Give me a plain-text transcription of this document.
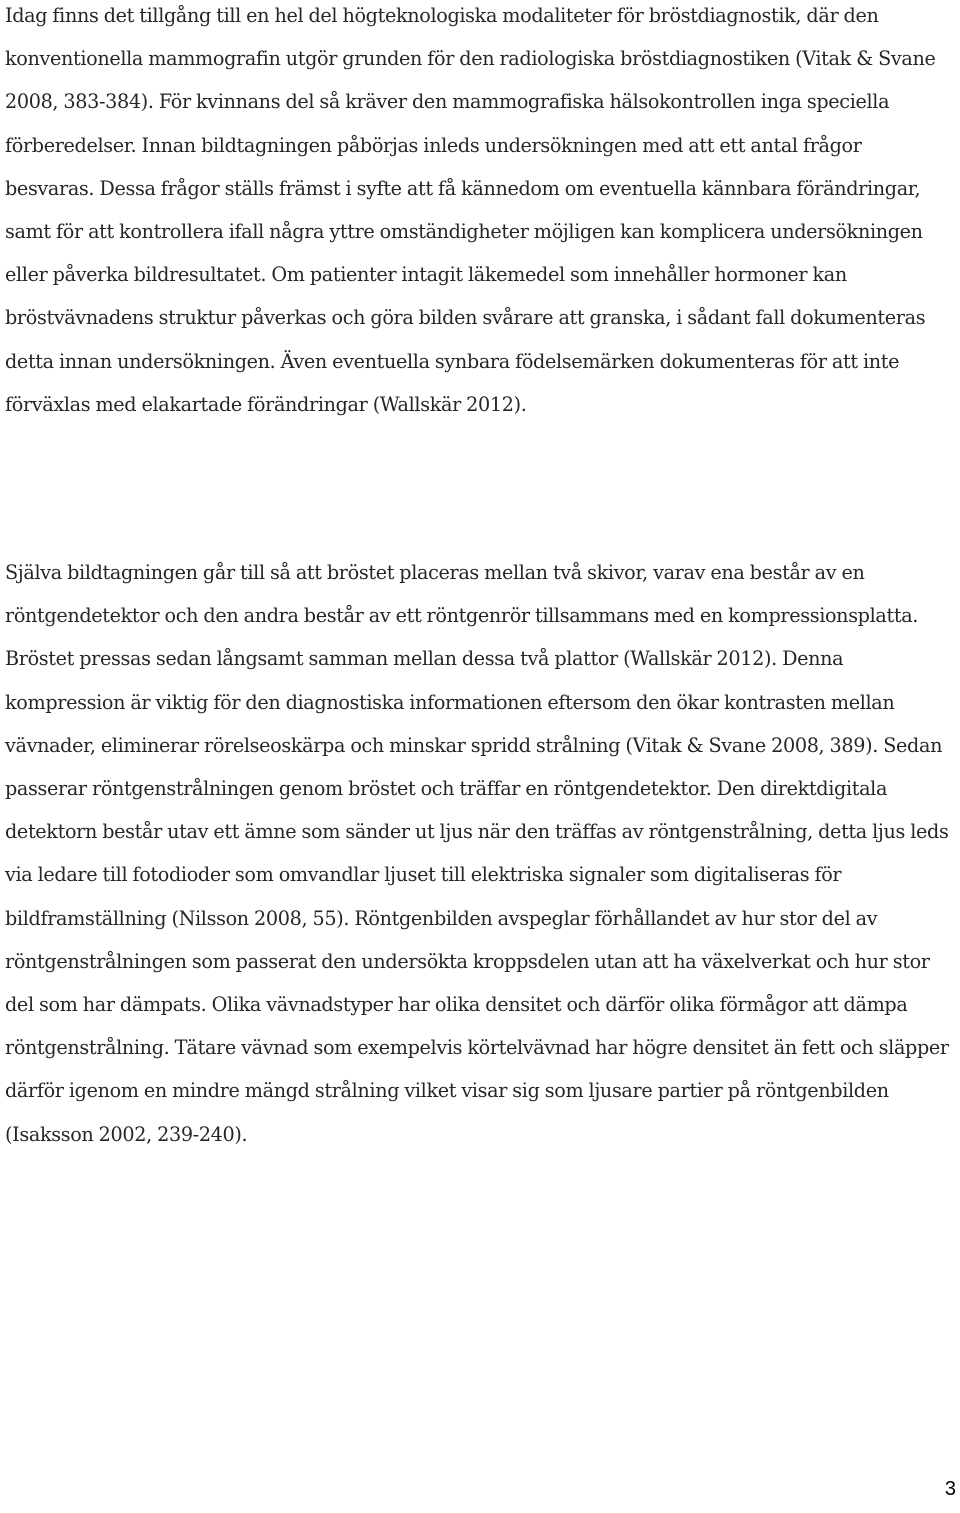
Idag finns det tillgång till en hel del högteknologiska modaliteter för bröstdiagnostik, där den konventionella mammografin utgör grunden för den radiologiska bröstdiagnostiken (Vitak & Svane 2008, 383-384). För kvinnans del så kräver den mammografiska hälsokontrollen inga speciella förberedelser. Innan bildtagningen påbörjas inleds undersökningen med att ett antal frågor besvaras. Dessa frågor ställs främst i syfte att få kännedom om eventuella kännbara förändringar, samt för att kontrollera ifall några yttre omständigheter möjligen kan komplicera undersökningen eller påverka bildresultatet. Om patienter intagit läkemedel som innehåller hormoner kan bröstvävnadens struktur påverkas och göra bilden svårare att granska, i sådant fall dokumenteras detta innan undersökningen. Även eventuella synbara födelsemärken dokumenteras för att inte förväxlas med elakartade förändringar (Wallskär 2012).

Själva bildtagningen går till så att bröstet placeras mellan två skivor, varav ena består av en röntgendetektor och den andra består av ett röntgenrör tillsammans med en kompressionsplatta. Bröstet pressas sedan långsamt samman mellan dessa två plattor (Wallskär 2012). Denna kompression är viktig för den diagnostiska informationen eftersom den ökar kontrasten mellan vävnader, eliminerar rörelseoskärpa och minskar spridd strålning (Vitak & Svane 2008, 389). Sedan passerar röntgenstrålningen genom bröstet och träffar en röntgendetektor. Den direktdigitala detektorn består utav ett ämne som sänder ut ljus när den träffas av röntgenstrålning, detta ljus leds via ledare till fotodioder som omvandlar ljuset till elektriska signaler som digitaliseras för bildframställning (Nilsson 2008, 55). Röntgenbilden avspeglar förhållandet av hur stor del av röntgenstrålningen som passerat den undersökta kroppsdelen utan att ha växelverkat och hur stor del som har dämpats. Olika vävnadstyper har olika densitet och därför olika förmågor att dämpa röntgenstrålning. Tätare vävnad som exempelvis körtelvävnad har högre densitet än fett och släpper därför igenom en mindre mängd strålning vilket visar sig som ljusare partier på röntgenbilden (Isaksson 2002, 239-240).

3
